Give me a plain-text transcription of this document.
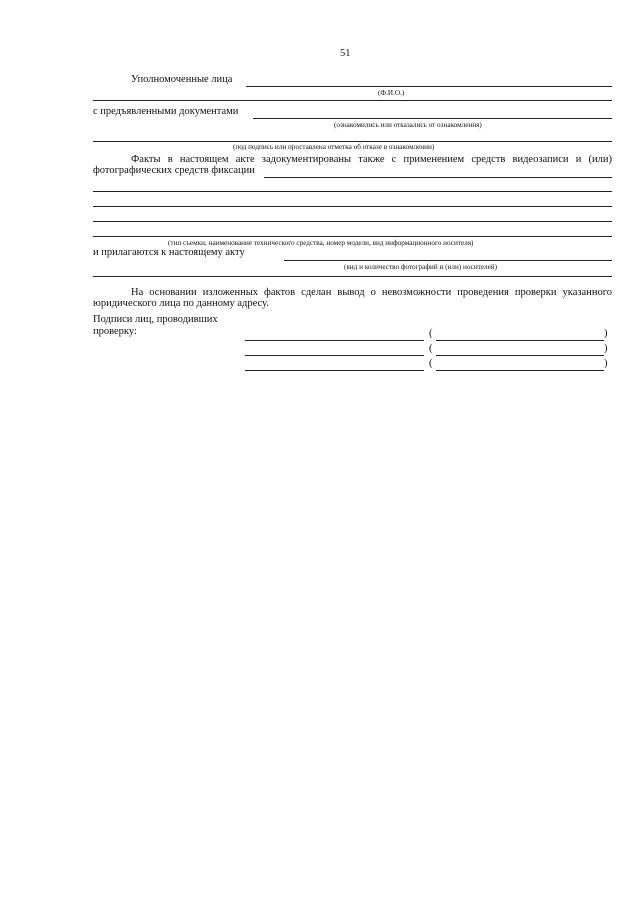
51
Уполномоченные лица
(Ф.И.О.)
с предъявленными документами
(ознакомились или отказались от ознакомления)
(под подпись или проставлена отметка об отказе в ознакомлении)
Факты в настоящем акте задокументированы также с применением средств видеозаписи и (или)
фотографических средств фиксации
(тип съемки, наименование технического средства, номер модели, вид информационного носителя)
и прилагаются к настоящему акту
(вид и количество фотографий и (или) носителей)
На основании изложенных фактов сделан вывод о невозможности проведения проверки указанного
юридического лица по данному адресу.
Подписи лиц, проводивших
проверку:	(	)
(	)
(	)
